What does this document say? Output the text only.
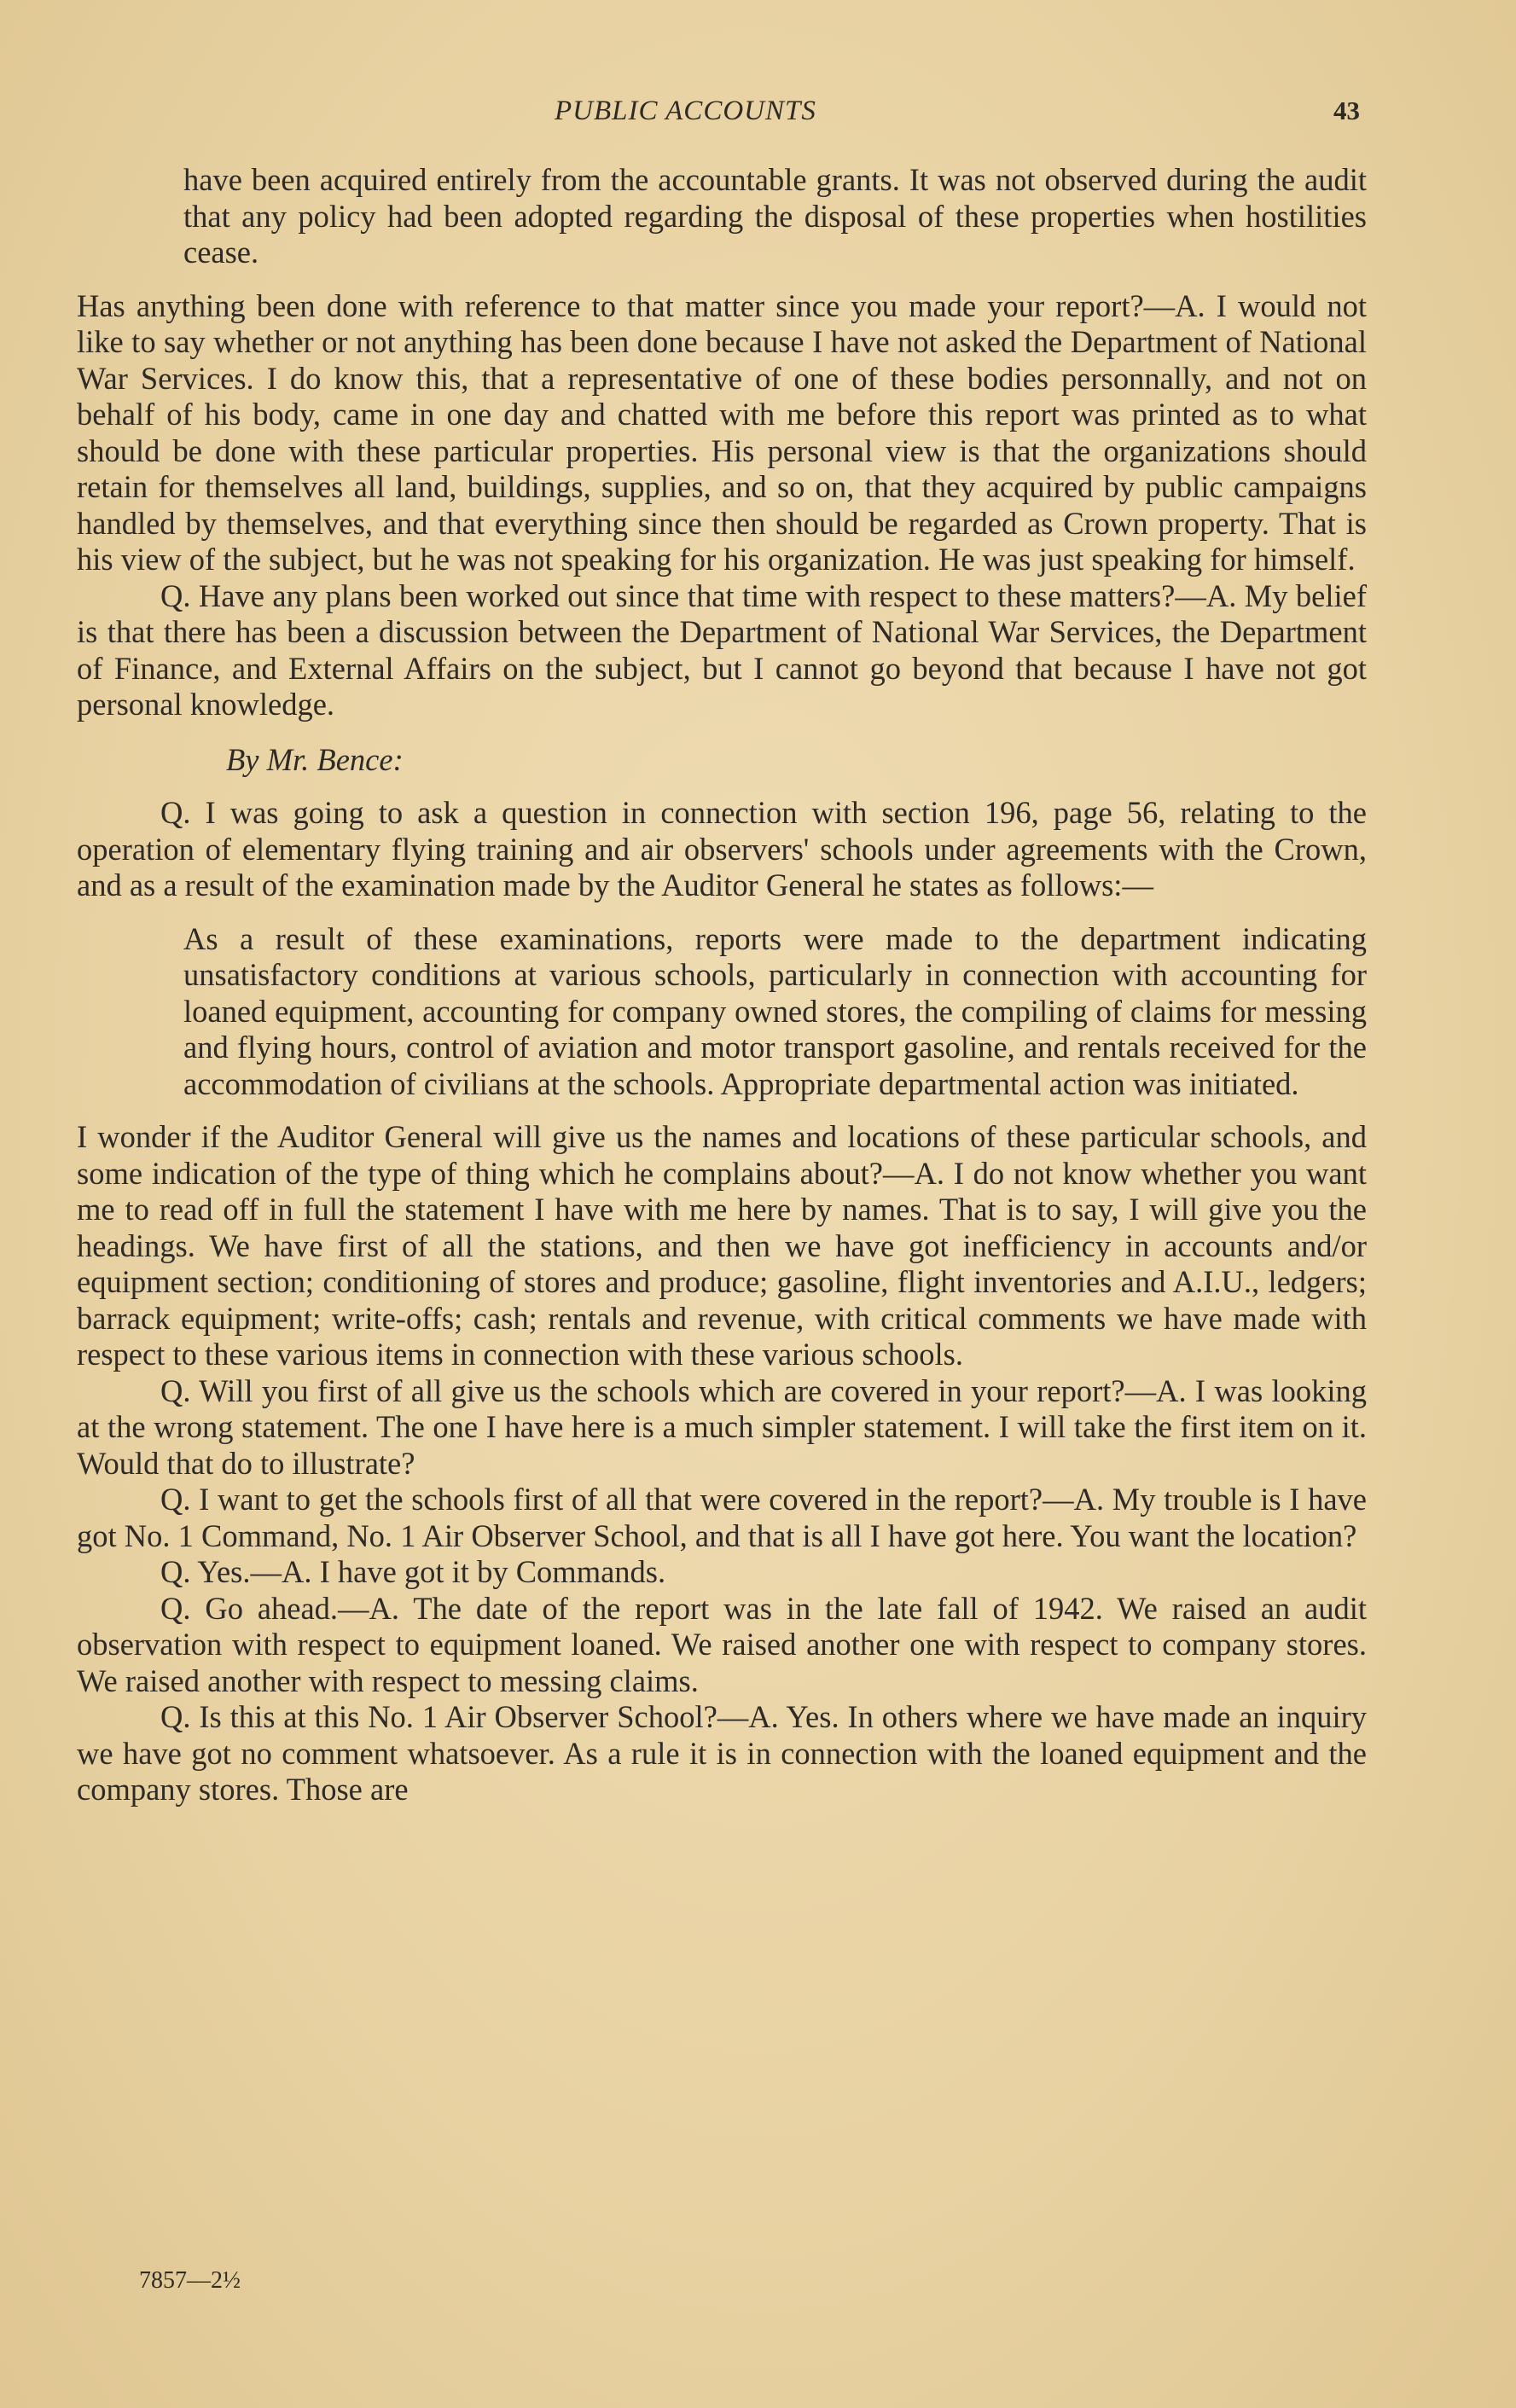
PUBLIC ACCOUNTS	43

have been acquired entirely from the accountable grants. It was not observed during the audit that any policy had been adopted regarding the disposal of these properties when hostilities cease.

Has anything been done with reference to that matter since you made your report?—A. I would not like to say whether or not anything has been done because I have not asked the Department of National War Services. I do know this, that a representative of one of these bodies personnally, and not on behalf of his body, came in one day and chatted with me before this report was printed as to what should be done with these particular properties. His personal view is that the organizations should retain for themselves all land, buildings, supplies, and so on, that they acquired by public campaigns handled by themselves, and that everything since then should be regarded as Crown property. That is his view of the subject, but he was not speaking for his organization. He was just speaking for himself.

Q. Have any plans been worked out since that time with respect to these matters?—A. My belief is that there has been a discussion between the Department of National War Services, the Department of Finance, and External Affairs on the subject, but I cannot go beyond that because I have not got personal knowledge.

By Mr. Bence:

Q. I was going to ask a question in connection with section 196, page 56, relating to the operation of elementary flying training and air observers' schools under agreements with the Crown, and as a result of the examination made by the Auditor General he states as follows:—

As a result of these examinations, reports were made to the department indicating unsatisfactory conditions at various schools, particularly in connection with accounting for loaned equipment, accounting for company owned stores, the compiling of claims for messing and flying hours, control of aviation and motor transport gasoline, and rentals received for the accommodation of civilians at the schools. Appropriate departmental action was initiated.

I wonder if the Auditor General will give us the names and locations of these particular schools, and some indication of the type of thing which he complains about?—A. I do not know whether you want me to read off in full the statement I have with me here by names. That is to say, I will give you the headings. We have first of all the stations, and then we have got inefficiency in accounts and/or equipment section; conditioning of stores and produce; gasoline, flight inventories and A.I.U., ledgers; barrack equipment; write-offs; cash; rentals and revenue, with critical comments we have made with respect to these various items in connection with these various schools.

Q. Will you first of all give us the schools which are covered in your report?—A. I was looking at the wrong statement. The one I have here is a much simpler statement. I will take the first item on it. Would that do to illustrate?

Q. I want to get the schools first of all that were covered in the report?—A. My trouble is I have got No. 1 Command, No. 1 Air Observer School, and that is all I have got here. You want the location?

Q. Yes.—A. I have got it by Commands.

Q. Go ahead.—A. The date of the report was in the late fall of 1942. We raised an audit observation with respect to equipment loaned. We raised another one with respect to company stores. We raised another with respect to messing claims.

Q. Is this at this No. 1 Air Observer School?—A. Yes. In others where we have made an inquiry we have got no comment whatsoever. As a rule it is in connection with the loaned equipment and the company stores. Those are

7857—2½
